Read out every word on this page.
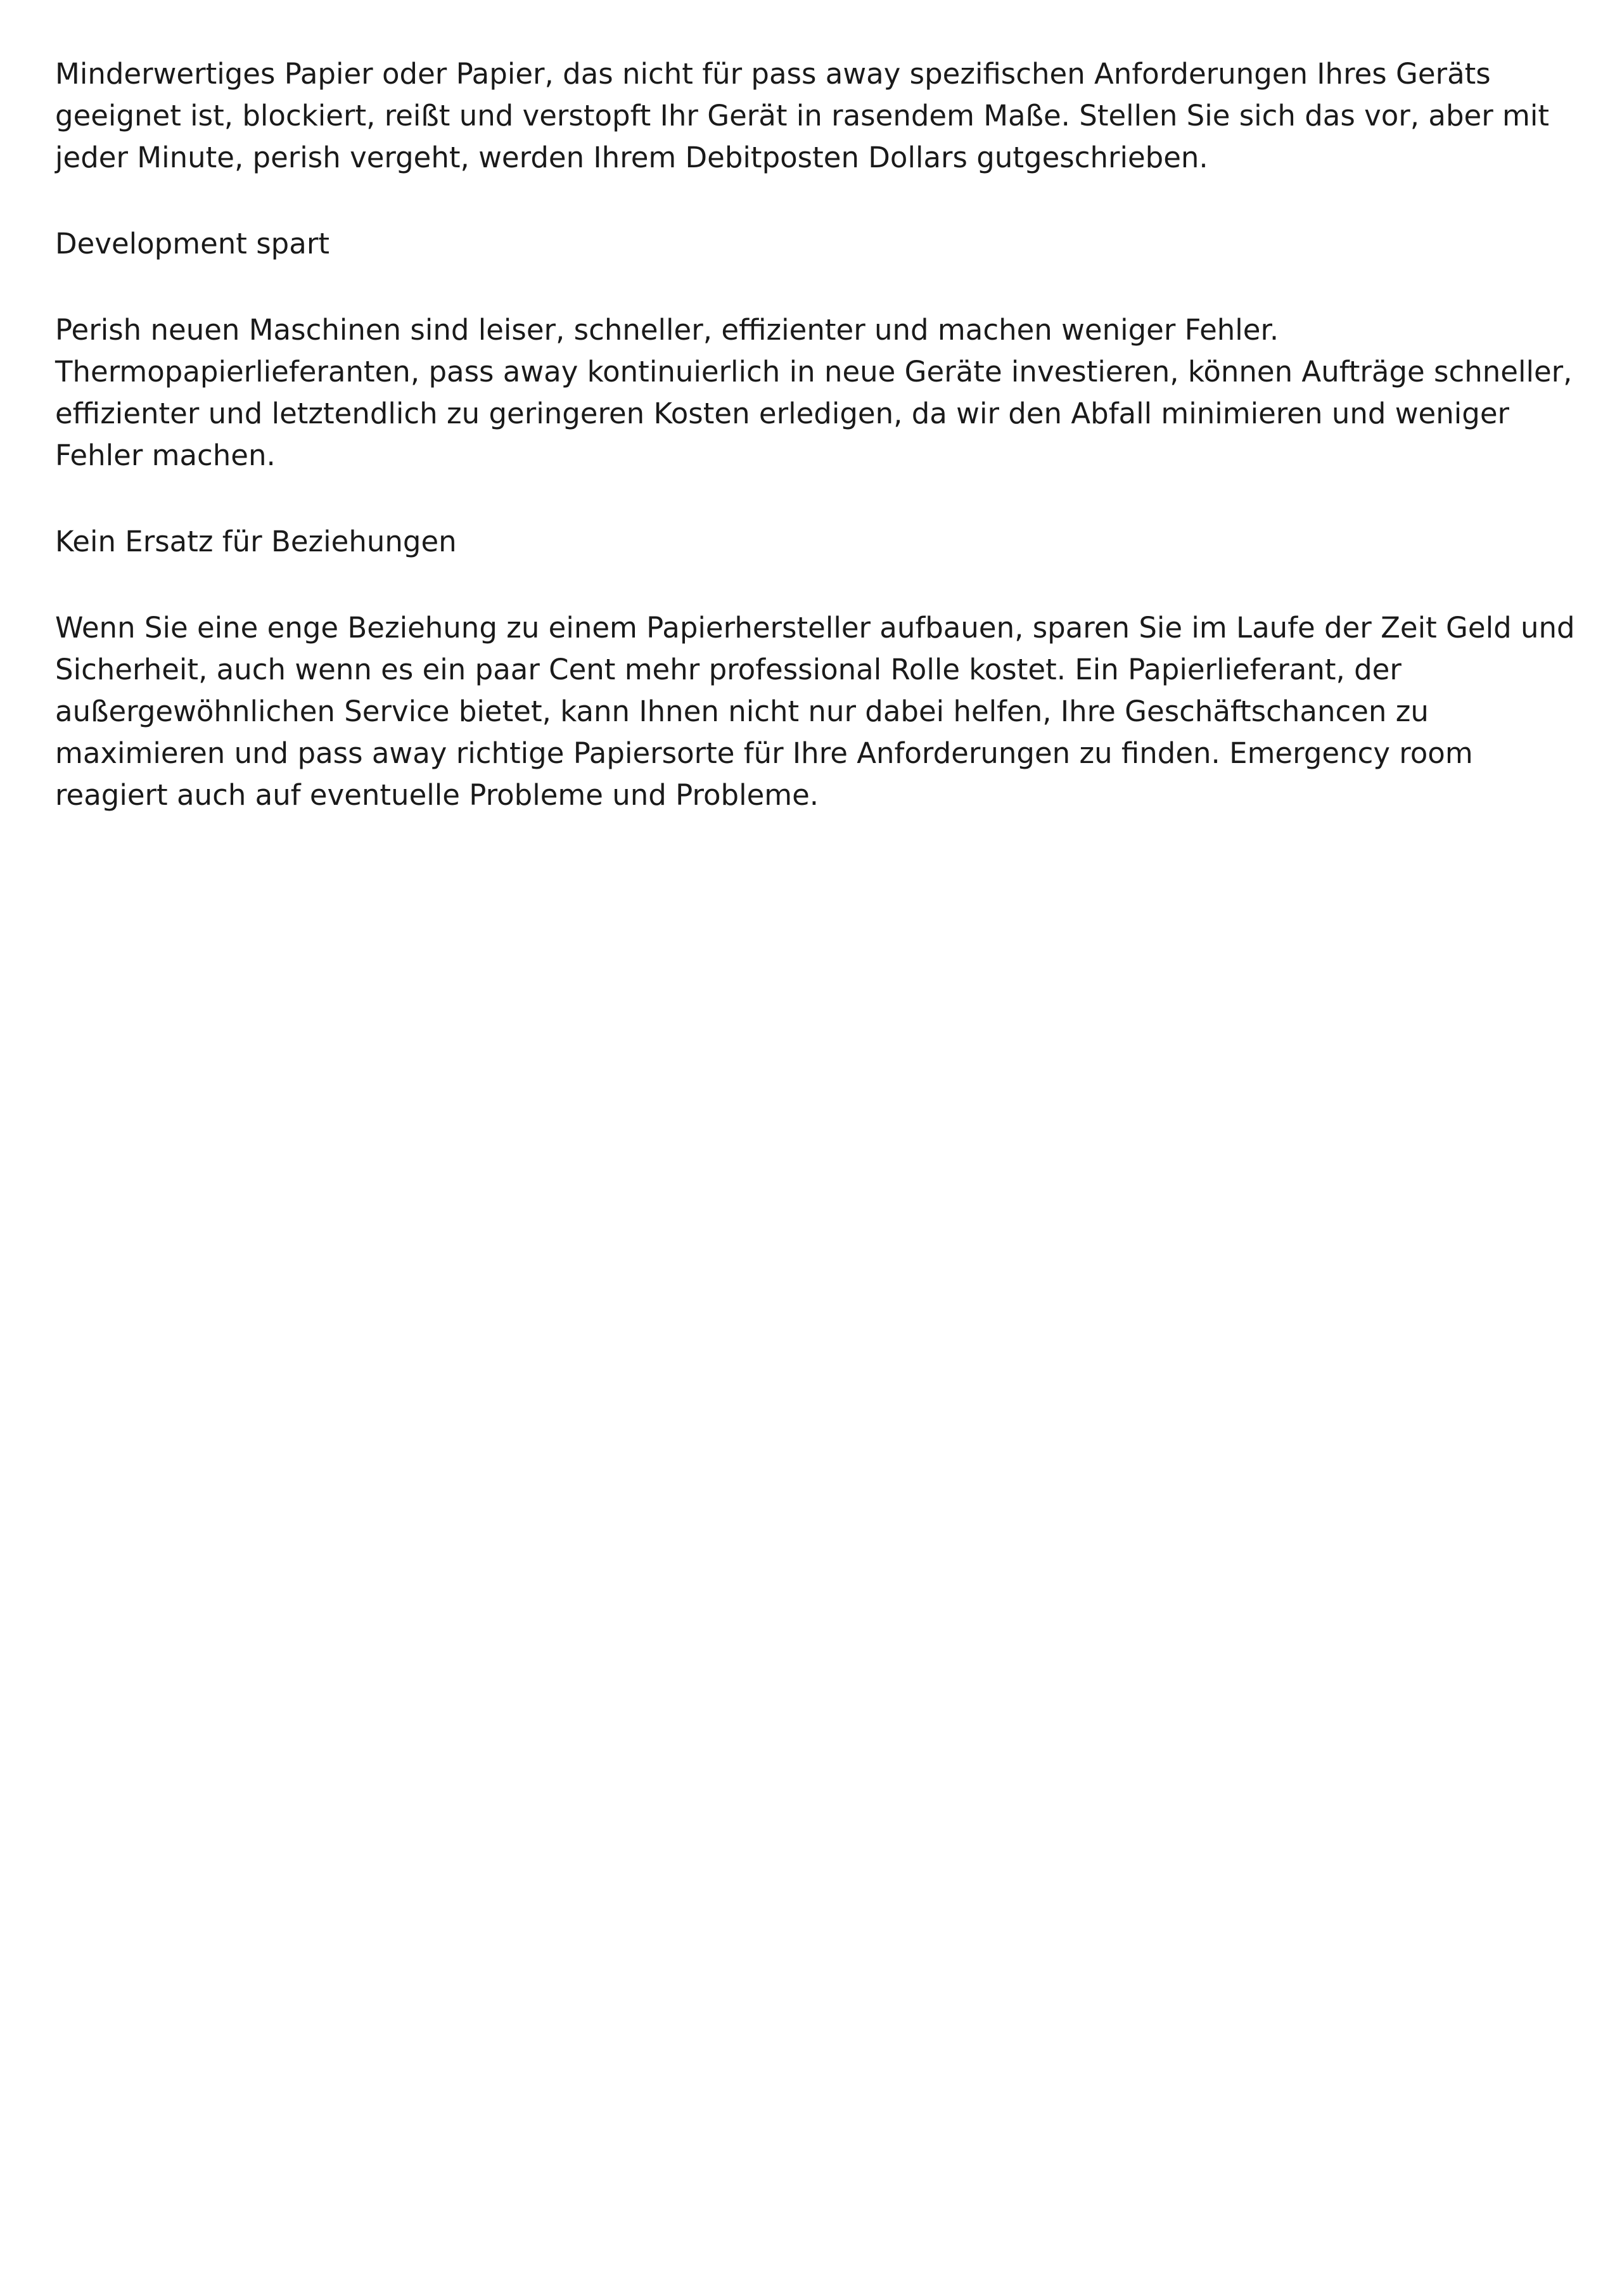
Minderwertiges Papier oder Papier, das nicht für pass away spezifischen Anforderungen Ihres Geräts geeignet ist, blockiert, reißt und verstopft Ihr Gerät in rasendem Maße. Stellen Sie sich das vor, aber mit jeder Minute, perish vergeht, werden Ihrem Debitposten Dollars gutgeschrieben.

Development spart

Perish neuen Maschinen sind leiser, schneller, effizienter und machen weniger Fehler. Thermopapierlieferanten, pass away kontinuierlich in neue Geräte investieren, können Aufträge schneller, effizienter und letztendlich zu geringeren Kosten erledigen, da wir den Abfall minimieren und weniger Fehler machen.

Kein Ersatz für Beziehungen

Wenn Sie eine enge Beziehung zu einem Papierhersteller aufbauen, sparen Sie im Laufe der Zeit Geld und Sicherheit, auch wenn es ein paar Cent mehr professional Rolle kostet. Ein Papierlieferant, der außergewöhnlichen Service bietet, kann Ihnen nicht nur dabei helfen, Ihre Geschäftschancen zu maximieren und pass away richtige Papiersorte für Ihre Anforderungen zu finden. Emergency room reagiert auch auf eventuelle Probleme und Probleme.
